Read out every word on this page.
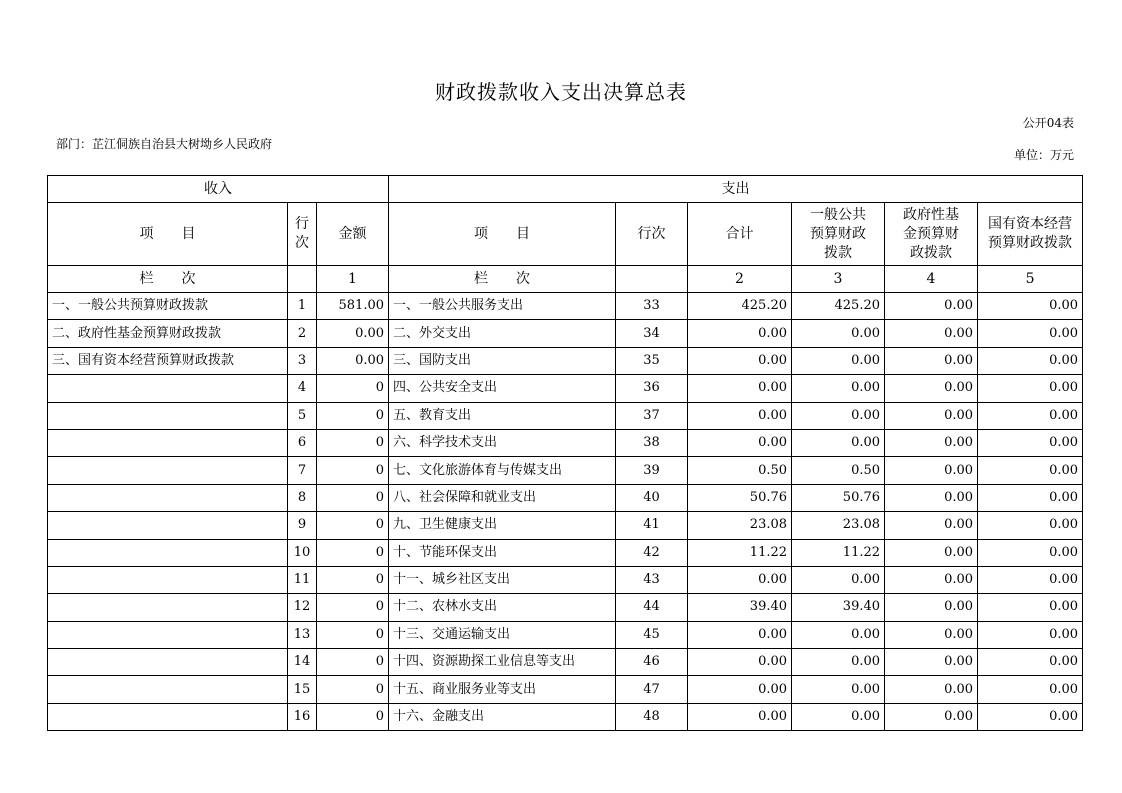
财政拨款收入支出决算总表
公开04表
部门：芷江侗族自治县大树坳乡人民政府
单位：万元
收入			支出					
项　　目	行次	金额	项　　目	行次	合计	一般公共预算财政拨款	政府性基金预算财政拨款	国有资本经营预算财政拨款
栏　　次		1	栏　　次		2	3	4	5
一、一般公共预算财政拨款	1	581.00	一、一般公共服务支出	33	425.20	425.20	0.00	0.00
二、政府性基金预算财政拨款	2	0.00	二、外交支出	34	0.00	0.00	0.00	0.00
三、国有资本经营预算财政拨款	3	0.00	三、国防支出	35	0.00	0.00	0.00	0.00
	4	0	四、公共安全支出	36	0.00	0.00	0.00	0.00
	5	0	五、教育支出	37	0.00	0.00	0.00	0.00
	6	0	六、科学技术支出	38	0.00	0.00	0.00	0.00
	7	0	七、文化旅游体育与传媒支出	39	0.50	0.50	0.00	0.00
	8	0	八、社会保障和就业支出	40	50.76	50.76	0.00	0.00
	9	0	九、卫生健康支出	41	23.08	23.08	0.00	0.00
	10	0	十、节能环保支出	42	11.22	11.22	0.00	0.00
	11	0	十一、城乡社区支出	43	0.00	0.00	0.00	0.00
	12	0	十二、农林水支出	44	39.40	39.40	0.00	0.00
	13	0	十三、交通运输支出	45	0.00	0.00	0.00	0.00
	14	0	十四、资源勘探工业信息等支出	46	0.00	0.00	0.00	0.00
	15	0	十五、商业服务业等支出	47	0.00	0.00	0.00	0.00
	16	0	十六、金融支出	48	0.00	0.00	0.00	0.00
